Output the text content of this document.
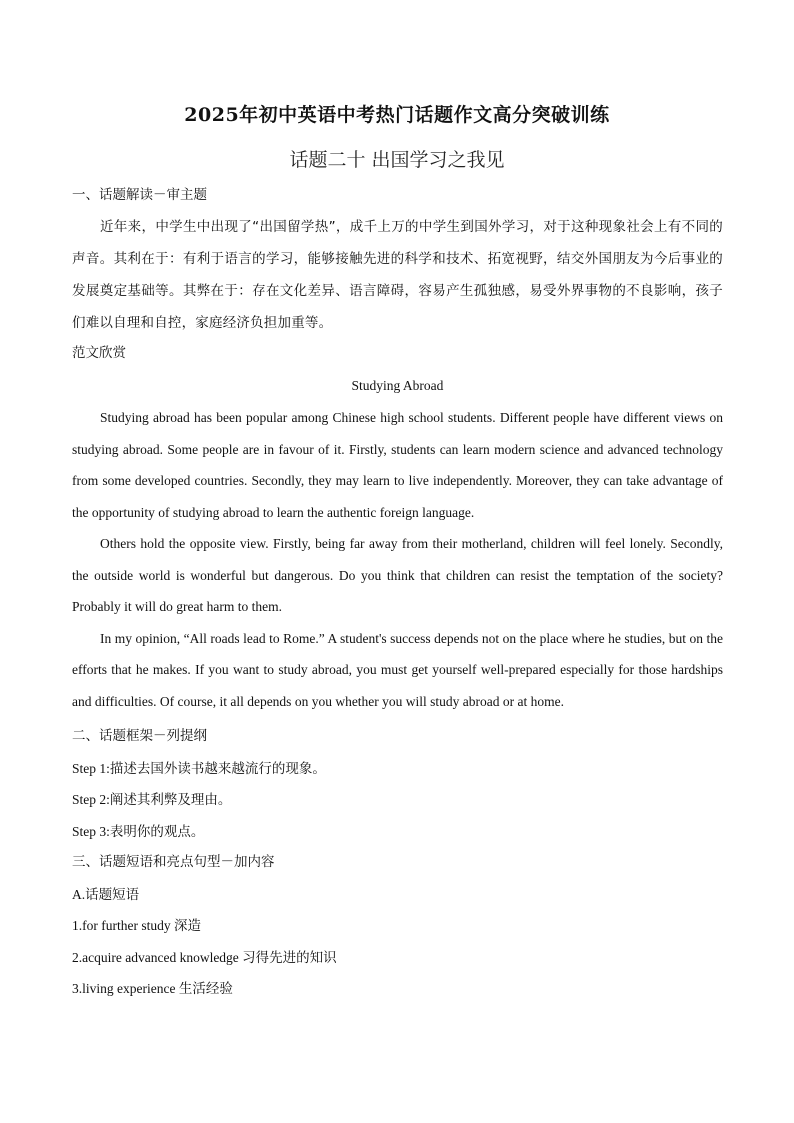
2025年初中英语中考热门话题作文高分突破训练
话题二十 出国学习之我见
一、话题解读－审主题

近年来，中学生中出现了“出国留学热”，成千上万的中学生到国外学习，对于这种现象社会上有不同的声音。其利在于：有利于语言的学习，能够接触先进的科学和技术、拓宽视野，结交外国朋友为今后事业的发展奠定基础等。其弊在于：存在文化差异、语言障碍，容易产生孤独感，易受外界事物的不良影响，孩子们难以自理和自控，家庭经济负担加重等。

范文欣赏
Studying Abroad

Studying abroad has been popular among Chinese high school students. Different people have different views on studying abroad. Some people are in favour of it. Firstly, students can learn modern science and advanced technology from some developed countries. Secondly, they may learn to live independently. Moreover, they can take advantage of the opportunity of studying abroad to learn the authentic foreign language.

Others hold the opposite view. Firstly, being far away from their motherland, children will feel lonely. Secondly, the outside world is wonderful but dangerous. Do you think that children can resist the temptation of the society? Probably it will do great harm to them.

In my opinion, “All roads lead to Rome.” A student's success depends not on the place where he studies, but on the efforts that he makes. If you want to study abroad, you must get yourself well-prepared especially for those hardships and difficulties. Of course, it all depends on you whether you will study abroad or at home.

二、话题框架－列提纲
Step 1:描述去国外读书越来越流行的现象。
Step 2:阐述其利弊及理由。
Step 3:表明你的观点。
三、话题短语和亮点句型－加内容
A.话题短语
1.for further study 深造
2.acquire advanced knowledge 习得先进的知识
3.living experience 生活经验
